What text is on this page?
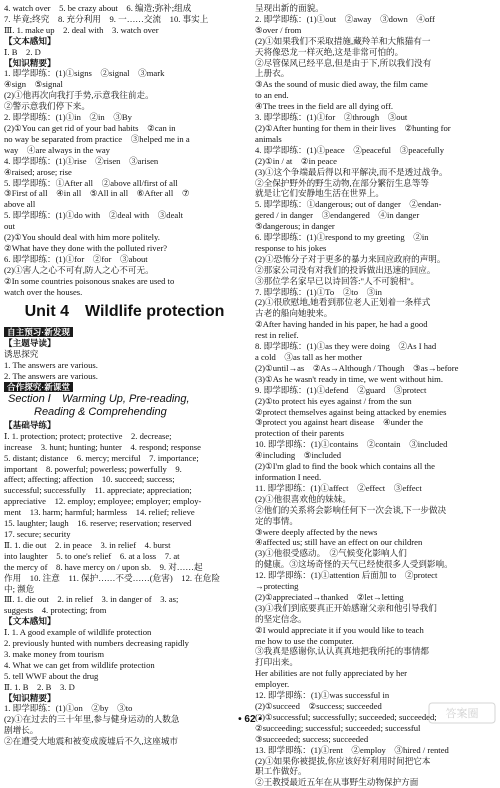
4. watch over　5. be crazy about　6. 编造;弥补;组成
7. 毕竟;终究　8. 充分利用　9. 一……交流　10. 事实上
Ⅲ. 1. make up　2. deal with　3. watch over
【文本感知】
Ⅰ. B　2. D
【知识精要】
1. 即学即练：(1)①signs　②signal　③mark
④sign　⑤signal
(2)①他再次向我打手势,示意我往前走。
②警示意我们停下来。
2. 即学即练：(1)①in　②in　③By
(2)①You can get rid of your bad habits　②can in
no way be separated from practice　③helped me in a
way　④are always in the way
4. 即学即练：(1)①rise　②risen　③arisen
④raised; arose; rise
5. 即学即练：①After all　②above all/first of all
③First of all　④in all　⑤All in all　⑥After all　⑦
above all
5. 即学即练：(1)①do with　②deal with　③dealt
out
(2)①You should deal with him more politely.
②What have they done with the polluted river?
6. 即学即练：(1)①for　②for　③about
(2)①害人之心不可有,防人之心不可无。
②In some countries poisonous snakes are used to
watch over the houses.
Unit 4　Wildlife protection
自主预习·新发现
【主题导读】
诱思探究
1. The answers are various.
2. The answers are various.
合作探究·新课堂
Section Ⅰ　Warming Up, Pre-reading,
Reading & Comprehending
【基础导练】
Ⅰ. 1. protection; protect; protective　2. decrease;
increase　3. hunt; hunting; hunter　4. respond; response
5. distant; distance　6. mercy; merciful　7. importance;
important　8. powerful; powerless; powerfully　9.
affect; affecting; affection　10. succeed; success;
successful; successfully　11. appreciate; appreciation;
appreciative　12. employ; employee; employer; employ-
ment　13. harm; harmful; harmless　14. relief; relieve
15. laughter; laugh　16. reserve; reservation; reserved
17. secure; security
Ⅱ. 1. die out　2. in peace　3. in relief　4. burst
into laughter　5. to one's relief　6. at a loss　7. at
the mercy of　8. have mercy on / upon sb.　9. 对……起
作用　10. 注意　11. 保护……不受……(危害)　12. 在危险
中; 濒危
Ⅲ. 1. die out　2. in relief　3. in danger of　3. as;
suggests　4. protecting; from
【文本感知】
Ⅰ. 1. A good example of wildlife protection
2. previously hunted with numbers decreasing rapidly
3. make money from tourism
4. What we can get from wildlife protection
5. tell WWF about the drug
Ⅱ. 1. B　2. B　3. D
【知识精要】
1. 即学即练：(1)①on　②by　③to
(2)①在过去的三十年里,参与健身运动的人数急
剧增长。
②在遭受大地震和被变成废墟后不久,这座城市
呈现出新的面貌。
2. 即学即练：(1)①out　②away　③down　④off
⑤over / from
(2)①如果我们不采取措施,藏羚羊和大熊猫有一
天将像恐龙一样灭绝,这是非常可怕的。
②尽管保风已经平息,但是由于下,所以我们没有
上册衣。
③As the sound of music died away, the film came
to an end.
④The trees in the field are all dying off.
3. 即学即练：(1)①for　②through　③out
(2)①After hunting for them in their lives　②hunting for
animals
4. 即学即练：(1)①peace　②peaceful　③peacefully
(2)①in / at　②in peace
(3)①这个争端最后得以和平解决,而不是透过战争。
②全保护野外的野生动物,在部分繁衍生息等等
就是让它们安静地生活在世界上。
5. 即学即练：①dangerous; out of danger　②endan-
gered / in danger　③endangered　④in danger
⑤dangerous; in danger
6. 即学即练：(1)①respond to my greeting　②in
response to his jokes
(2)①恐怖分子对于更多的暴力来回应政府的声明。
②那家公司没有对我们的投诉做出迅速的回应。
③那位学名家早已以诗回答:"人不可貌相"。
7. 即学即练：(1)①To　②to　③in
(2)①很欣慰地,她看到那位老人正划着一条样式
古老的船向她驶来。
②After having handed in his paper, he had a good
rest in relief.
8. 即学即练：(1)①as they were doing　②As I had
a cold　③as tall as her mother
(2)①until→as　②As→Although / Though　③as→before
(3)①As he wasn't ready in time, we went without him.
9. 即学即练：(1)①defend　②guard　③protect
(2)①to protect his eyes against / from the sun
②protect themselves against being attacked by enemies
③protect you against heart disease　④under the
protection of their parents
10. 即学即练：(1)①contains　②contain　③included
④including　⑤included
(2)①I'm glad to find the book which contains all the
information I need.
11. 即学即练：(1)①affect　②effect　③effect
(2)①他很喜欢他的妹妹。
②他们的关系将会影响任何下一次会谈,下一步做决
定的事情。
③were deeply affected by the news
④affected us; still have an effect on our children
(3)①他很受感动。　②气候变化影响人们
的健康。③这场奇怪的天气已经使很多人受到影响。
12. 即学即练：(1)①attention 后面加 to　②protect
→protecting
(2)①appreciated→thanked　②let→letting
(3)①我们到底要真正开始感谢父亲和他引导我们
的坚定信念。
②I would appreciate it if you would like to teach
me how to use the computer.
③我真是感谢你,认认真真地把我所托的事情都
打印出来。
Her abilities are not fully appreciated by her
employer.
12. 即学即练：(1)①was successful in
(2)①succeed　②success; succeeded
(3)①successful; successfully; succeeded; succeeded;
②succeeding; successful; succeeded; successful
③succeeded; success; succeeded
13. 即学即练：(1)①rent　②employ　③hired / rented
(2)①如果你被提拔,你应该好好利用时间把它本
职工作做好。
②王教授最近五年在从事野生动物保护方面
• 62 •	答案圈
